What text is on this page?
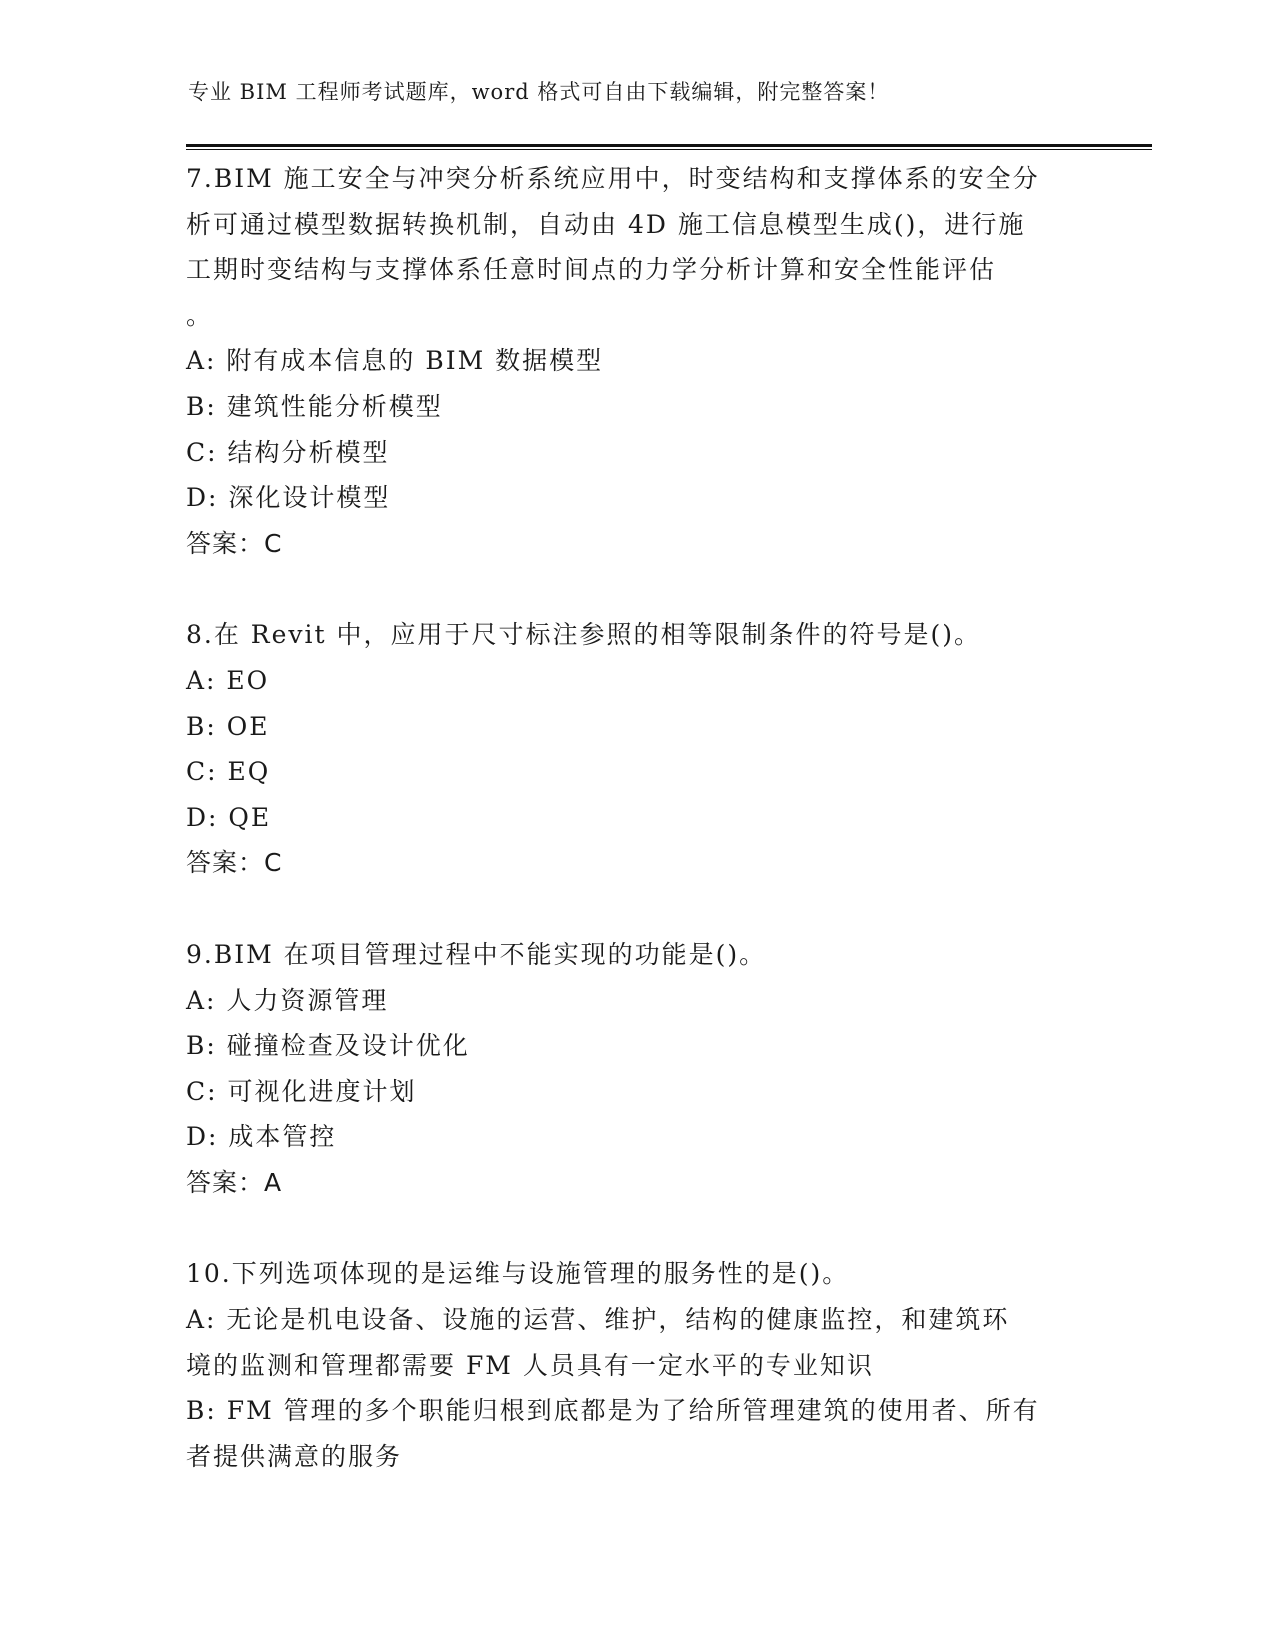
专业 BIM 工程师考试题库，word 格式可自由下载编辑，附完整答案！
7.BIM 施工安全与冲突分析系统应用中，时变结构和支撑体系的安全分
析可通过模型数据转换机制，自动由 4D 施工信息模型生成()，进行施
工期时变结构与支撑体系任意时间点的力学分析计算和安全性能评估
。
A: 附有成本信息的 BIM 数据模型
B: 建筑性能分析模型
C: 结构分析模型
D: 深化设计模型
答案：C
8.在 Revit 中，应用于尺寸标注参照的相等限制条件的符号是()。
A: EO
B: OE
C: EQ
D: QE
答案：C
9.BIM 在项目管理过程中不能实现的功能是()。
A: 人力资源管理
B: 碰撞检查及设计优化
C: 可视化进度计划
D: 成本管控
答案：A
10.下列选项体现的是运维与设施管理的服务性的是()。
A: 无论是机电设备、设施的运营、维护，结构的健康监控，和建筑环
境的监测和管理都需要 FM 人员具有一定水平的专业知识
B: FM 管理的多个职能归根到底都是为了给所管理建筑的使用者、所有
者提供满意的服务
